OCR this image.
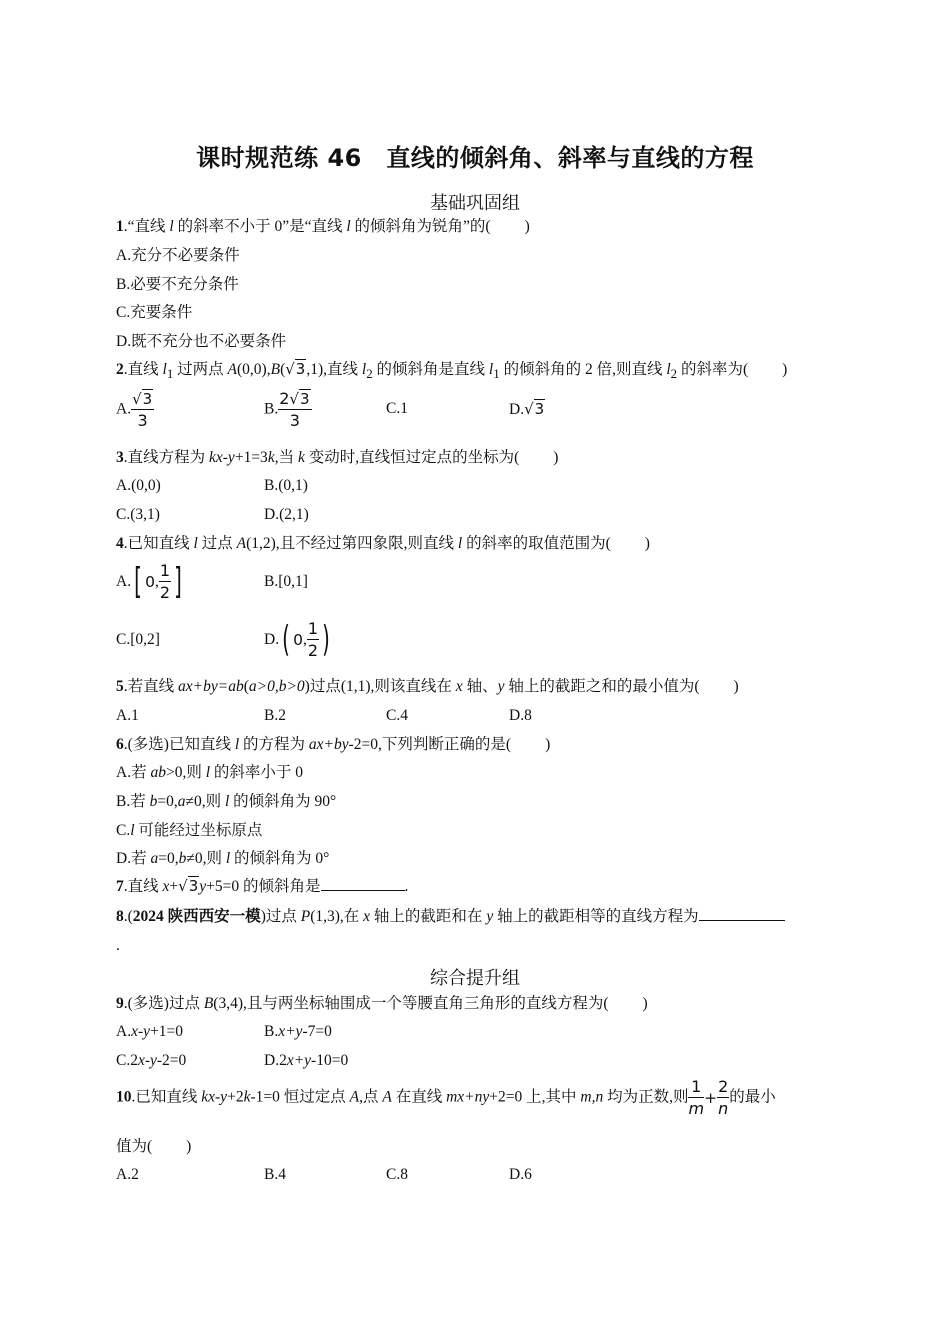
课时规范练 46　直线的倾斜角、斜率与直线的方程
基础巩固组
1.“直线 l 的斜率不小于 0”是“直线 l 的倾斜角为锐角”的( )
A.充分不必要条件
B.必要不充分条件
C.充要条件
D.既不充分也不必要条件
2.直线 $l_1$ 过两点 A(0,0),B(√3,1),直线 $l_2$ 的倾斜角是直线 $l_1$ 的倾斜角的 2 倍,则直线 $l_2$ 的斜率为( )
A. $\frac{√3}{3}$	B. $\frac{2√3}{3}$	C.1	D.√3
3.直线方程为 kx-y+1=3k,当 k 变动时,直线恒过定点的坐标为( )
A.(0,0)	B.(0,1)
C.(3,1)	D.(2,1)
4.已知直线 l 过点 A(1,2),且不经过第四象限,则直线 l 的斜率的取值范围为( )
A.[ 0, $\frac{1}{2}$ ]	B.[0,1]
C.[0,2]	D.( 0, $\frac{1}{2}$ )
5.若直线 ax+by=ab(a>0,b>0)过点(1,1),则该直线在 x 轴、y 轴上的截距之和的最小值为( )
A.1	B.2	C.4	D.8
6.(多选)已知直线 l 的方程为 ax+by-2=0,下列判断正确的是( )
A.若 ab>0,则 l 的斜率小于 0
B.若 b=0,a≠0,则 l 的倾斜角为 90°
C.l 可能经过坐标原点
D.若 a=0,b≠0,则 l 的倾斜角为 0°
7.直线 x+√3y+5=0 的倾斜角是	.
8.(2024 陕西西安一模)过点 P(1,3),在 x 轴上的截距和在 y 轴上的截距相等的直线方程为
.
综合提升组
9.(多选)过点 B(3,4),且与两坐标轴围成一个等腰直角三角形的直线方程为( )
A.x-y+1=0	B.x+y-7=0
C.2x-y-2=0	D.2x+y-10=0
10.已知直线 kx-y+2k-1=0 恒过定点 A,点 A 在直线 mx+ny+2=0 上,其中 m,n 均为正数,则 $\frac{1}{m} + \frac{2}{n}$ 的最小
值为( )
A.2	B.4	C.8	D.6
